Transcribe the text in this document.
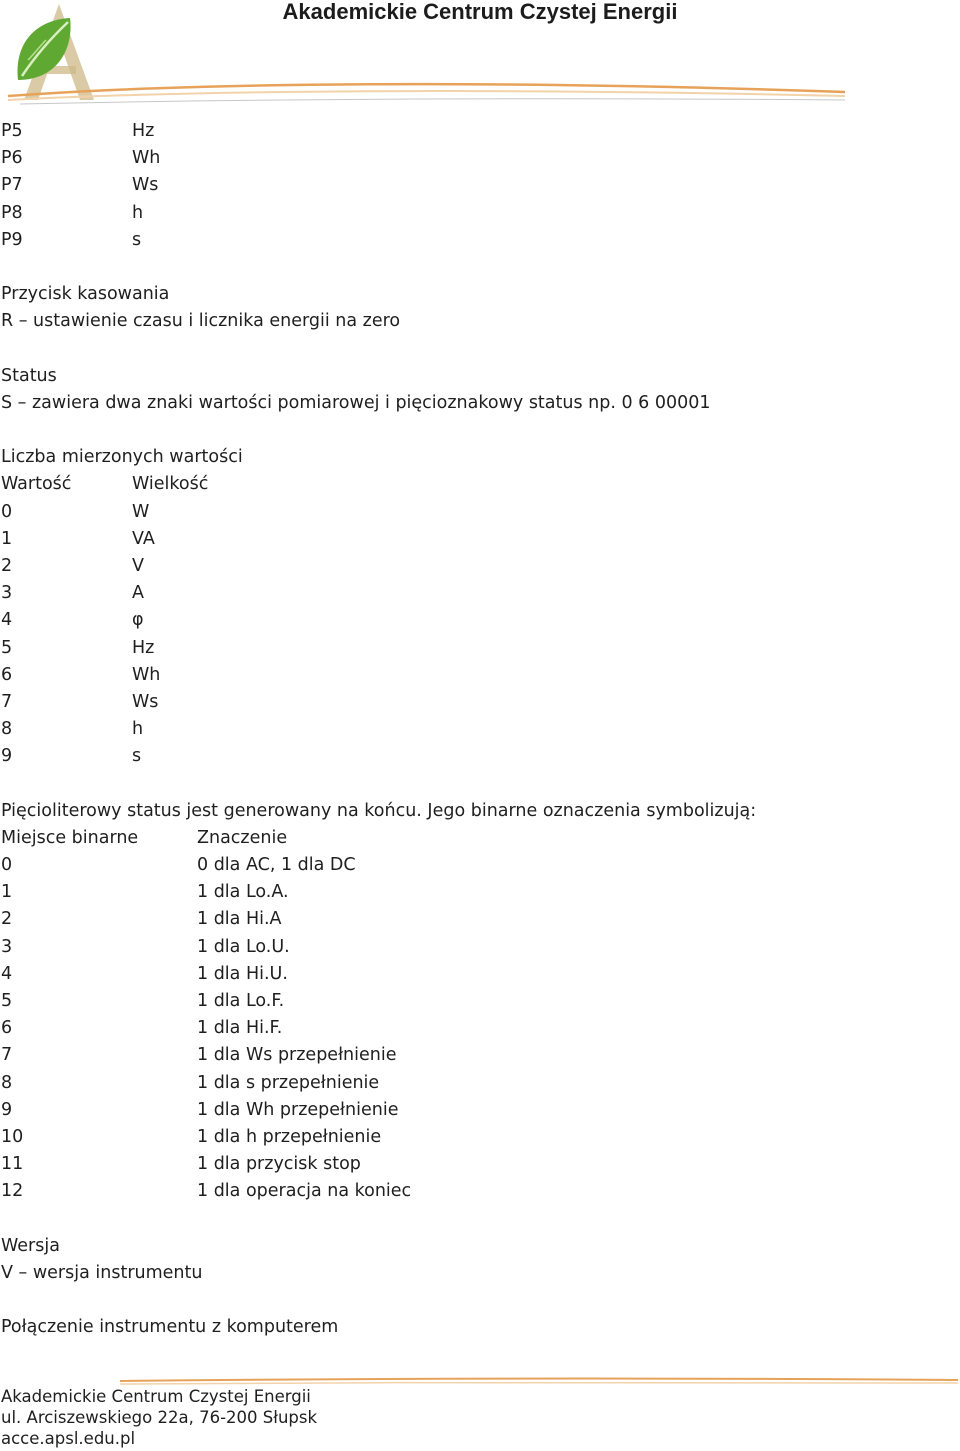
Akademickie Centrum Czystej Energii
P5	Hz
P6	Wh
P7	Ws
P8	h
P9	s
Przycisk kasowania
R – ustawienie czasu i licznika energii na zero
Status
S – zawiera dwa znaki wartości pomiarowej i pięcioznakowy status np. 0 6 00001
Liczba mierzonych wartości
Wartość	Wielkość
0	W
1	VA
2	V
3	A
4	φ
5	Hz
6	Wh
7	Ws
8	h
9	s
Pięcioliterowy status jest generowany na końcu. Jego binarne oznaczenia symbolizują:
Miejsce binarne	Znaczenie
0	0 dla AC, 1 dla DC
1	1 dla Lo.A.
2	1 dla Hi.A
3	1 dla Lo.U.
4	1 dla Hi.U.
5	1 dla Lo.F.
6	1 dla Hi.F.
7	1 dla Ws przepełnienie
8	1 dla s przepełnienie
9	1 dla Wh przepełnienie
10	1 dla h przepełnienie
11	1 dla przycisk stop
12	1 dla operacja na koniec
Wersja
V – wersja instrumentu
Połączenie instrumentu z komputerem
Akademickie Centrum Czystej Energii
ul. Arciszewskiego 22a, 76-200 Słupsk
acce.apsl.edu.pl
